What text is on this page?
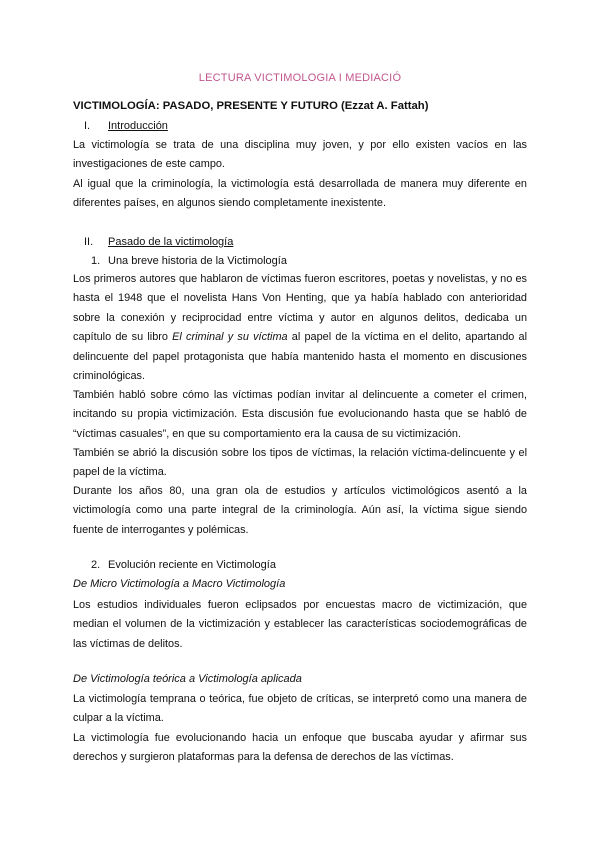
LECTURA VICTIMOLOGIA I MEDIACIÓ
VICTIMOLOGÍA: PASADO, PRESENTE Y FUTURO (Ezzat A. Fattah)
I. Introducción

La victimología se trata de una disciplina muy joven, y por ello existen vacíos en las investigaciones de este campo.

Al igual que la criminología, la victimología está desarrollada de manera muy diferente en diferentes países, en algunos siendo completamente inexistente.

II. Pasado de la victimología
1. Una breve historia de la Victimología

Los primeros autores que hablaron de víctimas fueron escritores, poetas y novelistas, y no es hasta el 1948 que el novelista Hans Von Henting, que ya había hablado con anterioridad sobre la conexión y reciprocidad entre víctima y autor en algunos delitos, dedicaba un capítulo de su libro El criminal y su víctima al papel de la víctima en el delito, apartando al delincuente del papel protagonista que había mantenido hasta el momento en discusiones criminológicas.

También habló sobre cómo las víctimas podían invitar al delincuente a cometer el crimen, incitando su propia victimización. Esta discusión fue evolucionando hasta que se habló de “víctimas casuales”, en que su comportamiento era la causa de su victimización.

También se abrió la discusión sobre los tipos de víctimas, la relación víctima-delincuente y el papel de la víctima.

Durante los años 80, una gran ola de estudios y artículos victimológicos asentó a la victimología como una parte integral de la criminología. Aún así, la víctima sigue siendo fuente de interrogantes y polémicas.

2. Evolución reciente en Victimología
De Micro Victimología a Macro Victimología

Los estudios individuales fueron eclipsados por encuestas macro de victimización, que median el volumen de la victimización y establecer las características sociodemográficas de las víctimas de delitos.

De Victimología teórica a Victimología aplicada

La victimología temprana o teórica, fue objeto de críticas, se interpretó como una manera de culpar a la víctima.

La victimología fue evolucionando hacia un enfoque que buscaba ayudar y afirmar sus derechos y surgieron plataformas para la defensa de derechos de las víctimas.
